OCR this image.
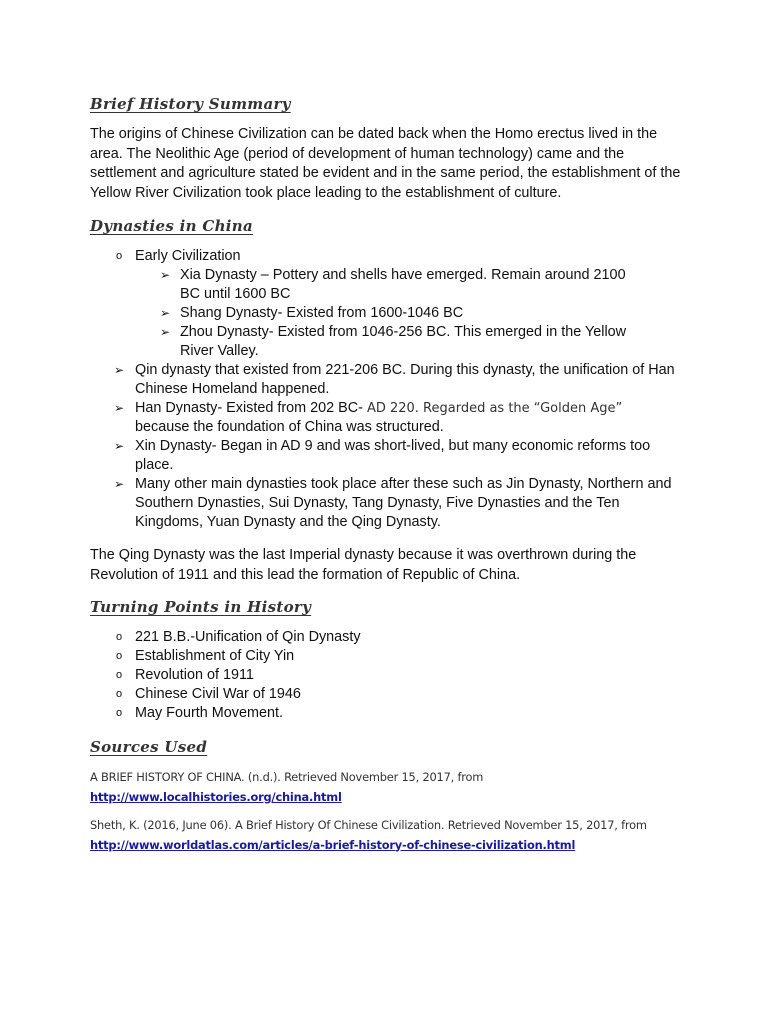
Brief History Summary

The origins of Chinese Civilization can be dated back when the Homo erectus lived in the area. The Neolithic Age (period of development of human technology) came and the settlement and agriculture stated be evident and in the same period, the establishment of the Yellow River Civilization took place leading to the establishment of culture.

Dynasties in China
o Early Civilization
➢ Xia Dynasty – Pottery and shells have emerged. Remain around 2100 BC until 1600 BC
➢ Shang Dynasty- Existed from 1600-1046 BC
➢ Zhou Dynasty- Existed from 1046-256 BC. This emerged in the Yellow River Valley.
➢ Qin dynasty that existed from 221-206 BC. During this dynasty, the unification of Han Chinese Homeland happened.
➢ Han Dynasty- Existed from 202 BC- AD 220. Regarded as the “Golden Age”
because the foundation of China was structured.
➢ Xin Dynasty- Began in AD 9 and was short-lived, but many economic reforms too place.
➢ Many other main dynasties took place after these such as Jin Dynasty, Northern and Southern Dynasties, Sui Dynasty, Tang Dynasty, Five Dynasties and the Ten Kingdoms, Yuan Dynasty and the Qing Dynasty.

The Qing Dynasty was the last Imperial dynasty because it was overthrown during the Revolution of 1911 and this lead the formation of Republic of China.

Turning Points in History
o 221 B.B.-Unification of Qin Dynasty
o Establishment of City Yin
o Revolution of 1911
o Chinese Civil War of 1946
o May Fourth Movement.
Sources Used

A BRIEF HISTORY OF CHINA. (n.d.). Retrieved November 15, 2017, from

http://www.localhistories.org/china.html

Sheth, K. (2016, June 06). A Brief History Of Chinese Civilization. Retrieved November 15, 2017, from

http://www.worldatlas.com/articles/a-brief-history-of-chinese-civilization.html
